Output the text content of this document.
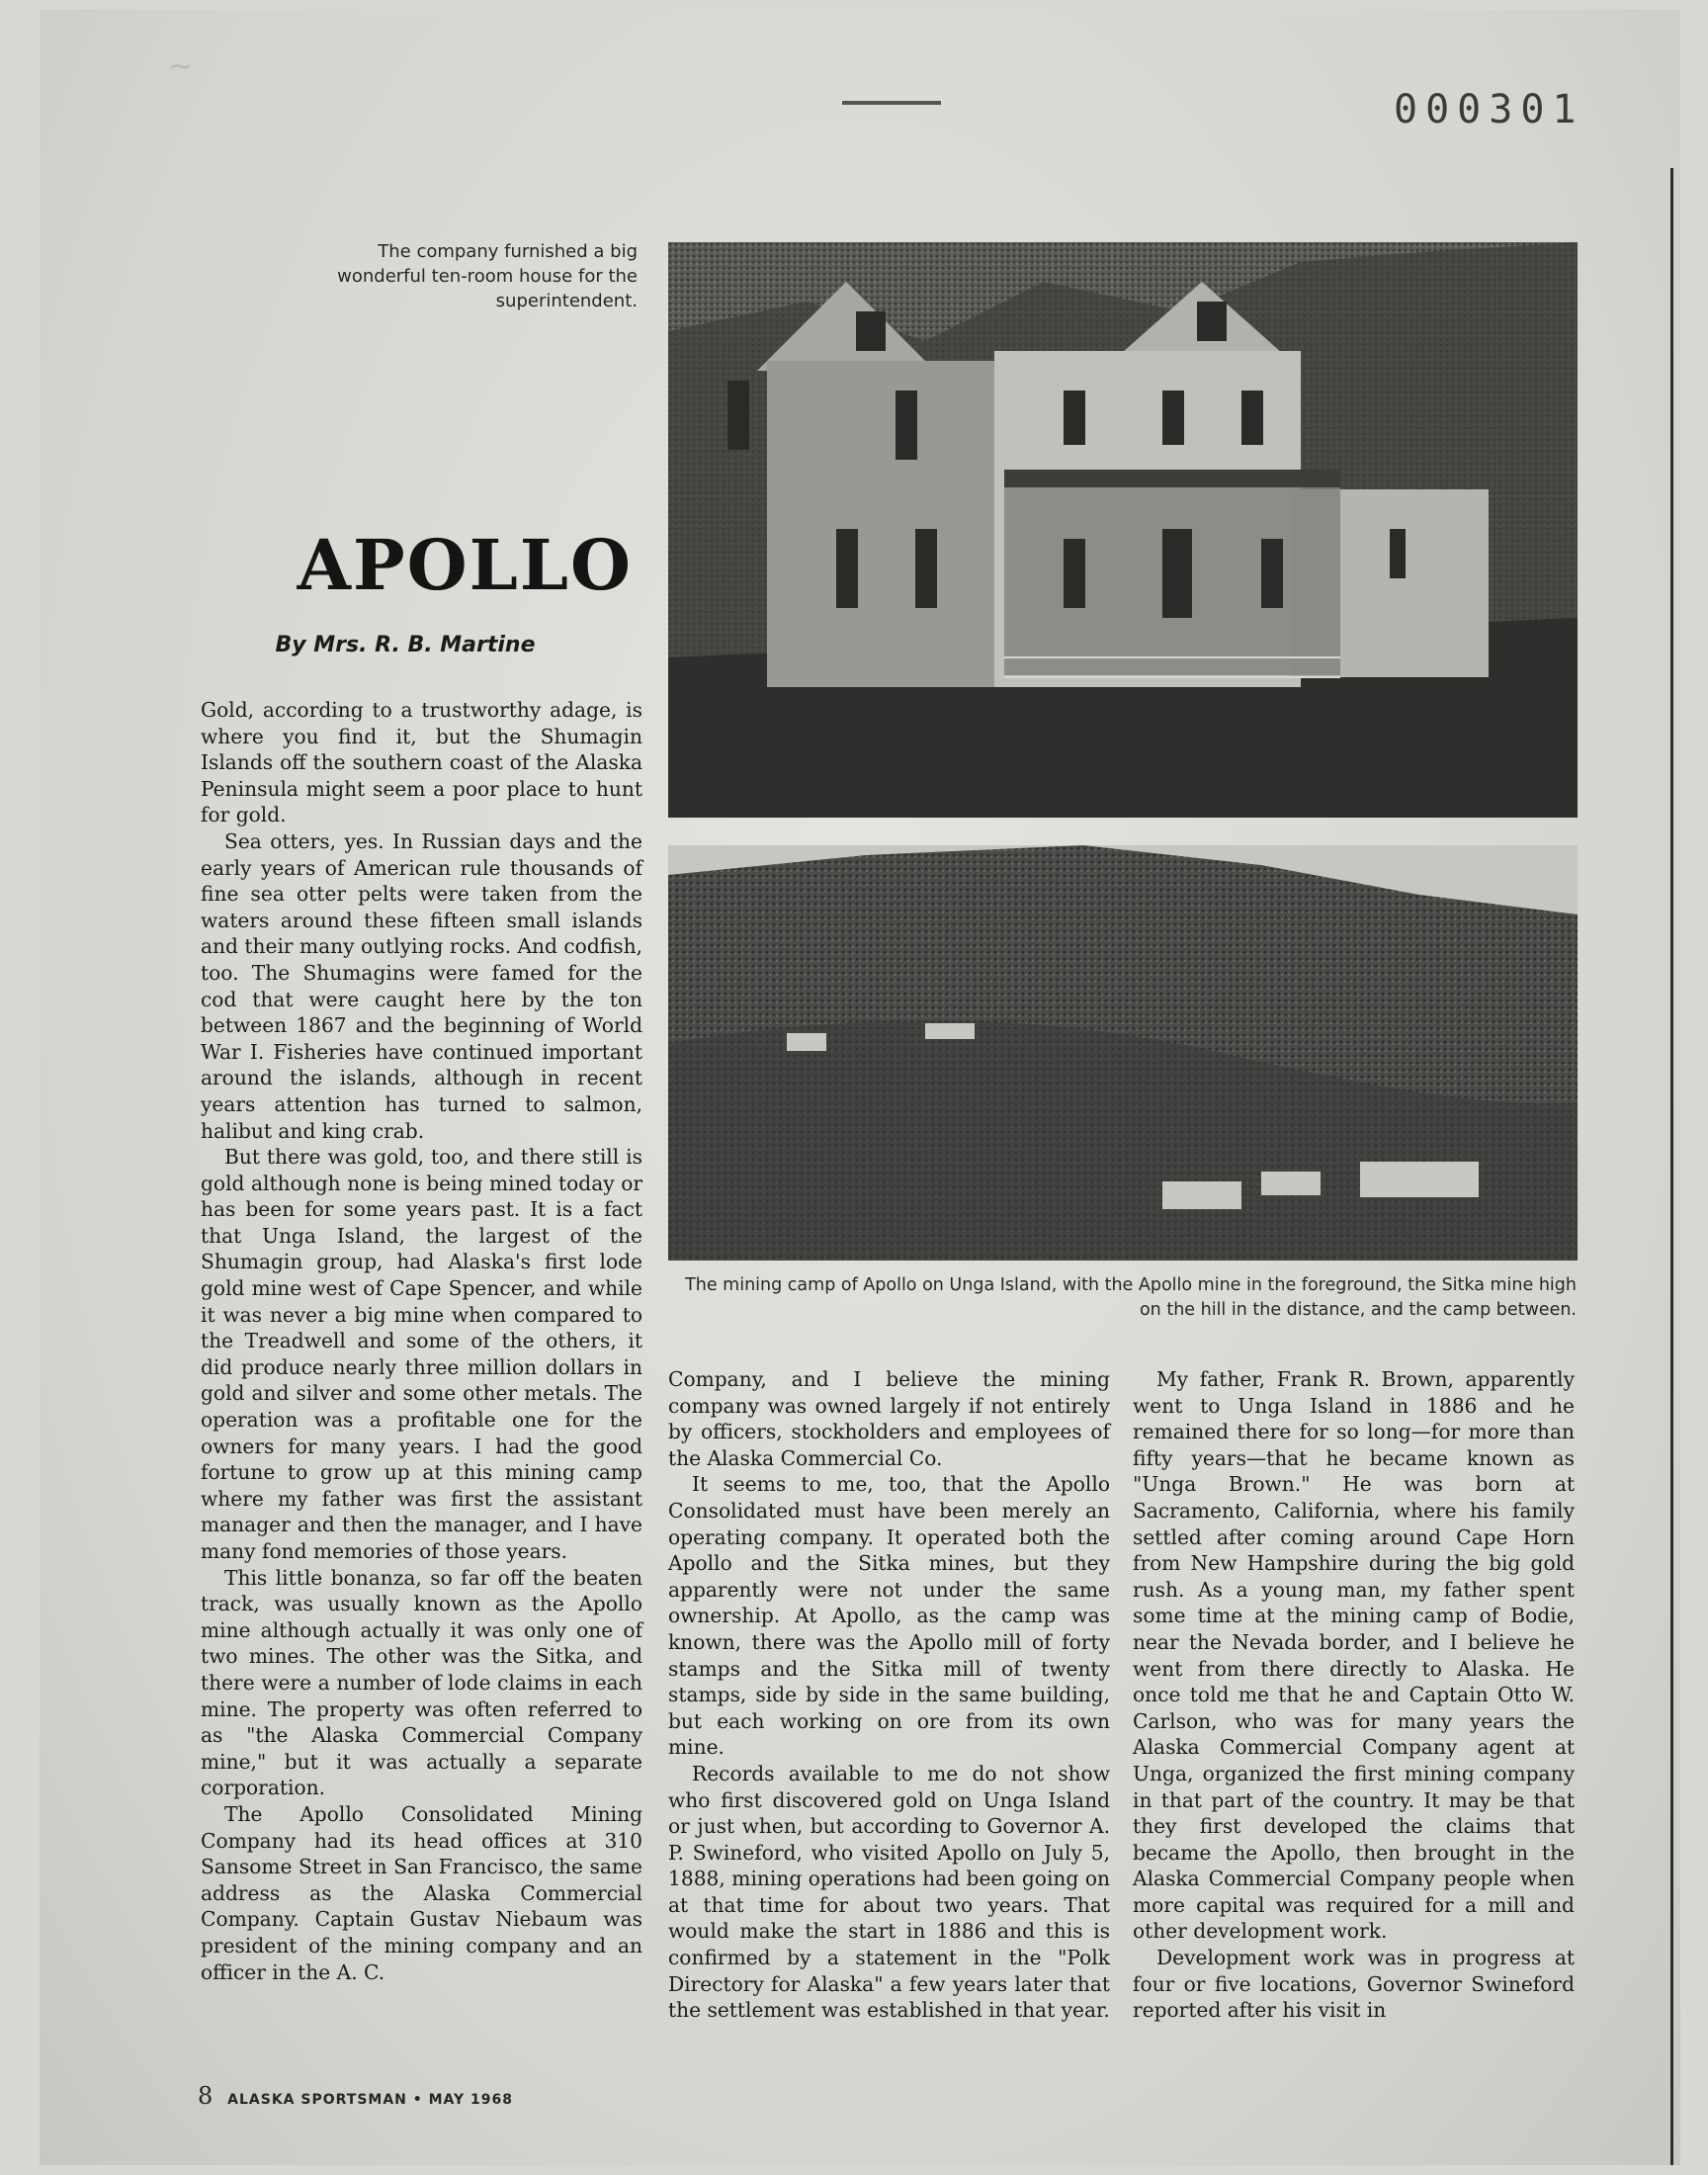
~
000301
The company furnished a big wonderful ten-room house for the superintendent.
The mining camp of Apollo on Unga Island, with the Apollo mine in the foreground, the Sitka mine high on the hill in the distance, and the camp between.
APOLLO
By Mrs. R. B. Martine

Gold, according to a trustworthy adage, is where you find it, but the Shumagin Islands off the southern coast of the Alaska Peninsula might seem a poor place to hunt for gold.

Sea otters, yes. In Russian days and the early years of American rule thousands of fine sea otter pelts were taken from the waters around these fifteen small islands and their many outlying rocks. And codfish, too. The Shumagins were famed for the cod that were caught here by the ton between 1867 and the beginning of World War I. Fisheries have continued important around the islands, although in recent years attention has turned to salmon, halibut and king crab.

But there was gold, too, and there still is gold although none is being mined today or has been for some years past. It is a fact that Unga Island, the largest of the Shumagin group, had Alaska's first lode gold mine west of Cape Spencer, and while it was never a big mine when compared to the Treadwell and some of the others, it did produce nearly three million dollars in gold and silver and some other metals. The operation was a profitable one for the owners for many years. I had the good fortune to grow up at this mining camp where my father was first the assistant manager and then the manager, and I have many fond memories of those years.

This little bonanza, so far off the beaten track, was usually known as the Apollo mine although actually it was only one of two mines. The other was the Sitka, and there were a number of lode claims in each mine. The property was often referred to as "the Alaska Commercial Company mine," but it was actually a separate corporation.

The Apollo Consolidated Mining Company had its head offices at 310 Sansome Street in San Francisco, the same address as the Alaska Commercial Company. Captain Gustav Niebaum was president of the mining company and an officer in the A. C.

Company, and I believe the mining company was owned largely if not entirely by officers, stockholders and employees of the Alaska Commercial Co.

It seems to me, too, that the Apollo Consolidated must have been merely an operating company. It operated both the Apollo and the Sitka mines, but they apparently were not under the same ownership. At Apollo, as the camp was known, there was the Apollo mill of forty stamps and the Sitka mill of twenty stamps, side by side in the same building, but each working on ore from its own mine.

Records available to me do not show who first discovered gold on Unga Island or just when, but according to Governor A. P. Swineford, who visited Apollo on July 5, 1888, mining operations had been going on at that time for about two years. That would make the start in 1886 and this is confirmed by a statement in the "Polk Directory for Alaska" a few years later that the settlement was established in that year.

My father, Frank R. Brown, apparently went to Unga Island in 1886 and he remained there for so long—for more than fifty years—that he became known as "Unga Brown." He was born at Sacramento, California, where his family settled after coming around Cape Horn from New Hampshire during the big gold rush. As a young man, my father spent some time at the mining camp of Bodie, near the Nevada border, and I believe he went from there directly to Alaska. He once told me that he and Captain Otto W. Carlson, who was for many years the Alaska Commercial Company agent at Unga, organized the first mining company in that part of the country. It may be that they first developed the claims that became the Apollo, then brought in the Alaska Commercial Company people when more capital was required for a mill and other development work.

Development work was in progress at four or five locations, Governor Swineford reported after his visit in

8 ALASKA SPORTSMAN • MAY 1968
